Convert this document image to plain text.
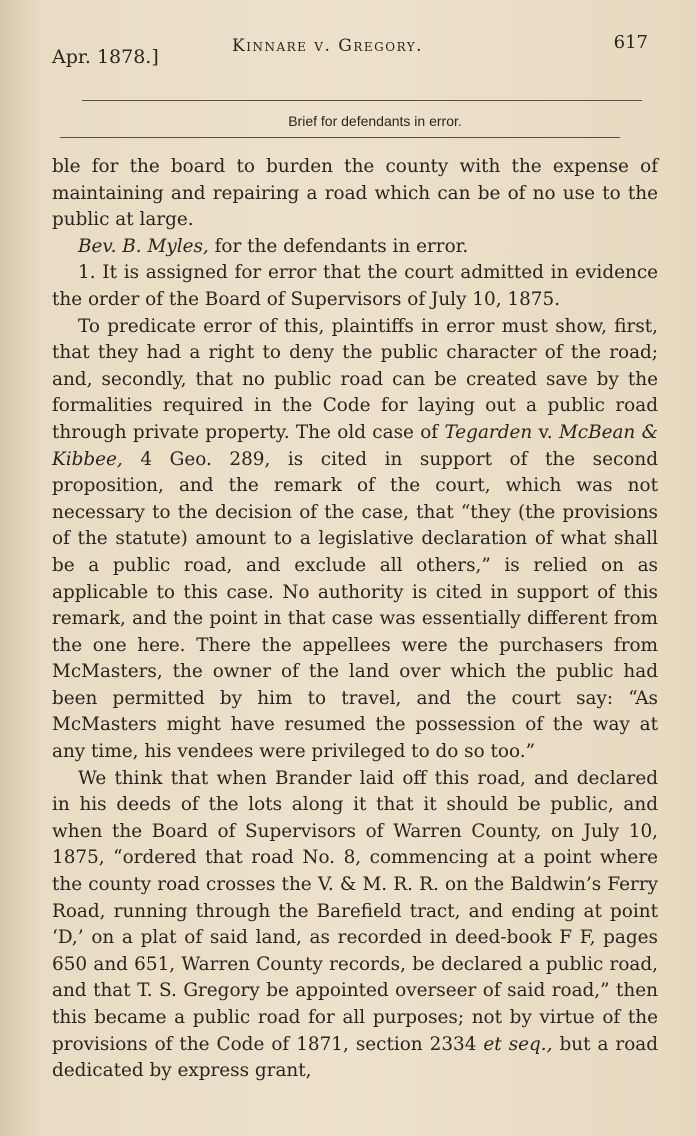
Apr. 1878.]	Kinnare v. Gregory.	617
Brief for defendants in error.

ble for the board to burden the county with the expense of maintaining and repairing a road which can be of no use to the public at large.

Bev. B. Myles, for the defendants in error.

1. It is assigned for error that the court admitted in evidence the order of the Board of Supervisors of July 10, 1875.

To predicate error of this, plaintiffs in error must show, first, that they had a right to deny the public character of the road; and, secondly, that no public road can be created save by the formalities required in the Code for laying out a public road through private property. The old case of Tegarden v. McBean & Kibbee, 4 Geo. 289, is cited in support of the second proposition, and the remark of the court, which was not necessary to the decision of the case, that “they (the provisions of the statute) amount to a legislative declaration of what shall be a public road, and exclude all others,” is relied on as applicable to this case. No authority is cited in support of this remark, and the point in that case was essentially different from the one here. There the appellees were the purchasers from McMasters, the owner of the land over which the public had been permitted by him to travel, and the court say: “As McMasters might have resumed the possession of the way at any time, his vendees were privileged to do so too.”

We think that when Brander laid off this road, and declared in his deeds of the lots along it that it should be public, and when the Board of Supervisors of Warren County, on July 10, 1875, “ordered that road No. 8, commencing at a point where the county road crosses the V. & M. R. R. on the Baldwin’s Ferry Road, running through the Barefield tract, and ending at point ‘D,’ on a plat of said land, as recorded in deed-book F F, pages 650 and 651, Warren County records, be declared a public road, and that T. S. Gregory be appointed overseer of said road,” then this became a public road for all purposes; not by virtue of the provisions of the Code of 1871, section 2334 et seq., but a road dedicated by express grant,
